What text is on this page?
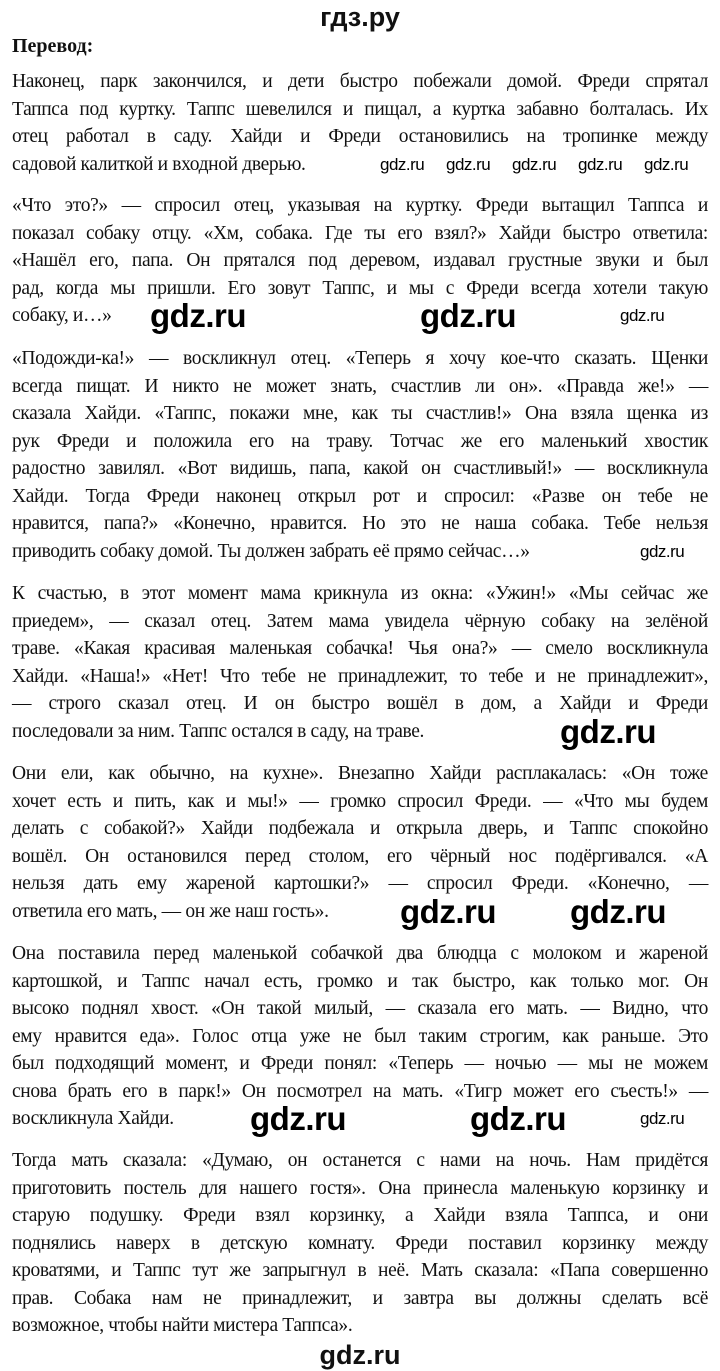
гдз.ру
Перевод:
Наконец, парк закончился, и дети быстро побежали домой. Фреди спрятал
Таппса под куртку. Таппс шевелился и пищал, а куртка забавно болталась. Их
отец работал в саду. Хайди и Фреди остановились на тропинке между
садовой калиткой и входной дверью.
«Что это?» — спросил отец, указывая на куртку. Фреди вытащил Таппса и
показал собаку отцу. «Хм, собака. Где ты его взял?» Хайди быстро ответила:
«Нашёл его, папа. Он прятался под деревом, издавал грустные звуки и был
рад, когда мы пришли. Его зовут Таппс, и мы с Фреди всегда хотели такую
собаку, и…»
«Подожди-ка!» — воскликнул отец. «Теперь я хочу кое-что сказать. Щенки
всегда пищат. И никто не может знать, счастлив ли он». «Правда же!» —
сказала Хайди. «Таппс, покажи мне, как ты счастлив!» Она взяла щенка из
рук Фреди и положила его на траву. Тотчас же его маленький хвостик
радостно завилял. «Вот видишь, папа, какой он счастливый!» — воскликнула
Хайди. Тогда Фреди наконец открыл рот и спросил: «Разве он тебе не
нравится, папа?» «Конечно, нравится. Но это не наша собака. Тебе нельзя
приводить собаку домой. Ты должен забрать её прямо сейчас…»
К счастью, в этот момент мама крикнула из окна: «Ужин!» «Мы сейчас же
приедем», — сказал отец. Затем мама увидела чёрную собаку на зелёной
траве. «Какая красивая маленькая собачка! Чья она?» — смело воскликнула
Хайди. «Наша!» «Нет! Что тебе не принадлежит, то тебе и не принадлежит»,
— строго сказал отец. И он быстро вошёл в дом, а Хайди и Фреди
последовали за ним. Таппс остался в саду, на траве.
Они ели, как обычно, на кухне». Внезапно Хайди расплакалась: «Он тоже
хочет есть и пить, как и мы!» — громко спросил Фреди. — «Что мы будем
делать с собакой?» Хайди подбежала и открыла дверь, и Таппс спокойно
вошёл. Он остановился перед столом, его чёрный нос подёргивался. «А
нельзя дать ему жареной картошки?» — спросил Фреди. «Конечно, —
ответила его мать, — он же наш гость».
Она поставила перед маленькой собачкой два блюдца с молоком и жареной
картошкой, и Таппс начал есть, громко и так быстро, как только мог. Он
высоко поднял хвост. «Он такой милый, — сказала его мать. — Видно, что
ему нравится еда». Голос отца уже не был таким строгим, как раньше. Это
был подходящий момент, и Фреди понял: «Теперь — ночью — мы не можем
снова брать его в парк!» Он посмотрел на мать. «Тигр может его съесть!» —
воскликнула Хайди.
Тогда мать сказала: «Думаю, он останется с нами на ночь. Нам придётся
приготовить постель для нашего гостя». Она принесла маленькую корзинку и
старую подушку. Фреди взял корзинку, а Хайди взяла Таппса, и они
поднялись наверх в детскую комнату. Фреди поставил корзинку между
кроватями, и Таппс тут же запрыгнул в неё. Мать сказала: «Папа совершенно
прав. Собака нам не принадлежит, и завтра вы должны сделать всё
возможное, чтобы найти мистера Таппса».
gdz.ru gdz.ru gdz.ru gdz.ru gdz.ru
gdz.ru	gdz.ru	gdz.ru
gdz.ru
gdz.ru
gdz.ru gdz.ru
gdz.ru	gdz.ru	gdz.ru
gdz.ru
